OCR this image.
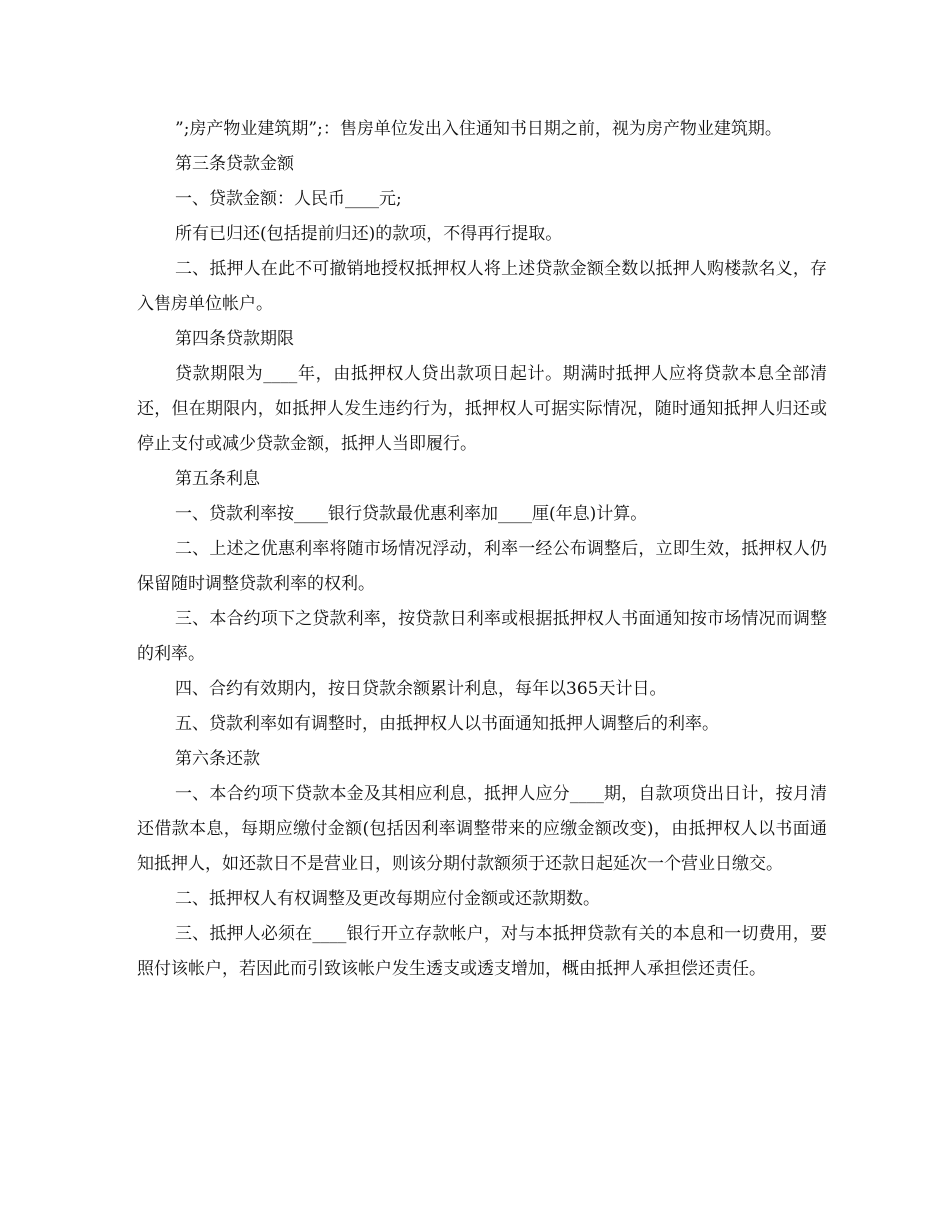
”;房产物业建筑期”;：售房单位发出入住通知书日期之前，视为房产物业建筑期。

第三条贷款金额

一、贷款金额：人民币____元;

所有已归还(包括提前归还)的款项，不得再行提取。

二、抵押人在此不可撤销地授权抵押权人将上述贷款金额全数以抵押人购楼款名义，存入售房单位帐户。

第四条贷款期限

贷款期限为____年，由抵押权人贷出款项日起计。期满时抵押人应将贷款本息全部清还，但在期限内，如抵押人发生违约行为，抵押权人可据实际情况，随时通知抵押人归还或停止支付或减少贷款金额，抵押人当即履行。

第五条利息

一、贷款利率按____银行贷款最优惠利率加____厘(年息)计算。

二、上述之优惠利率将随市场情况浮动，利率一经公布调整后，立即生效，抵押权人仍保留随时调整贷款利率的权利。

三、本合约项下之贷款利率，按贷款日利率或根据抵押权人书面通知按市场情况而调整的利率。

四、合约有效期内，按日贷款余额累计利息，每年以365天计日。

五、贷款利率如有调整时，由抵押权人以书面通知抵押人调整后的利率。

第六条还款

一、本合约项下贷款本金及其相应利息，抵押人应分____期，自款项贷出日计，按月清还借款本息，每期应缴付金额(包括因利率调整带来的应缴金额改变)，由抵押权人以书面通知抵押人，如还款日不是营业日，则该分期付款额须于还款日起延次一个营业日缴交。

二、抵押权人有权调整及更改每期应付金额或还款期数。

三、抵押人必须在____银行开立存款帐户，对与本抵押贷款有关的本息和一切费用，要照付该帐户，若因此而引致该帐户发生透支或透支增加，概由抵押人承担偿还责任。
